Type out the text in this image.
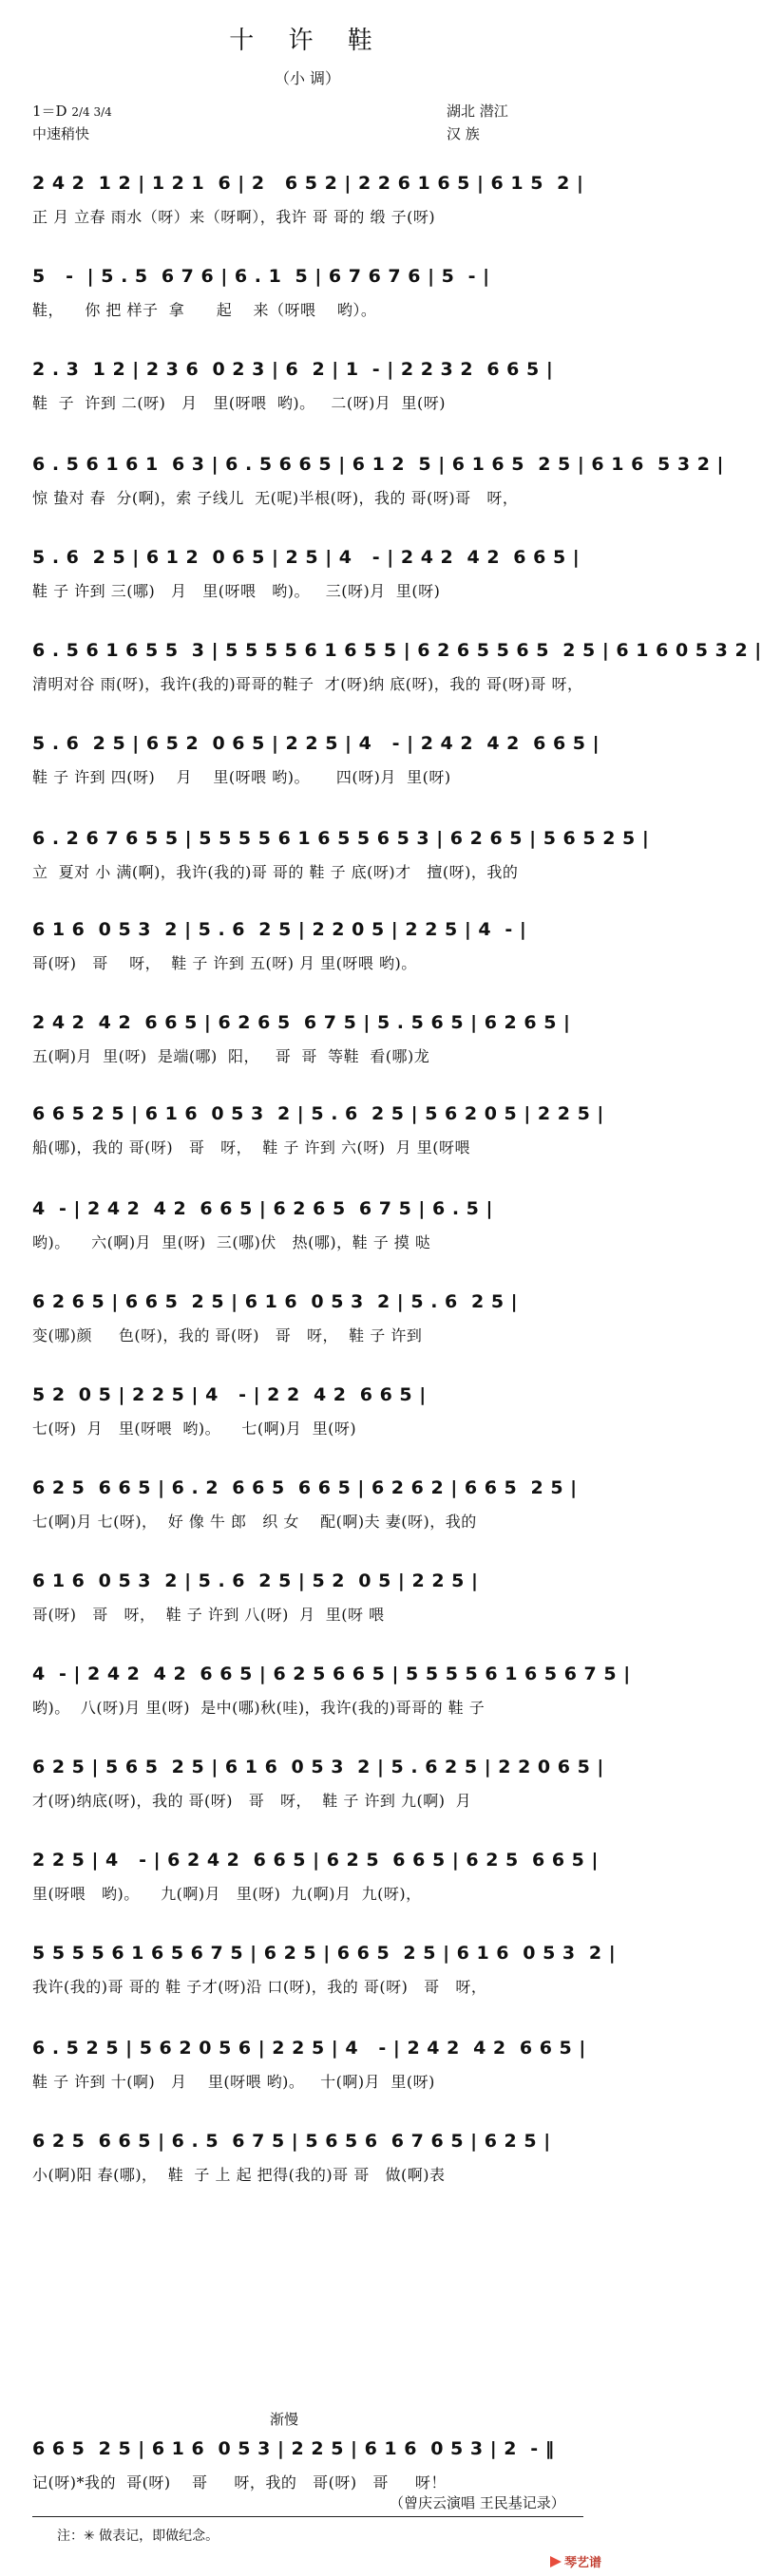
十 许 鞋
（小 调）
1＝D 2/4 3/4
中速稍快
湖北 潜江
汉 族
2 4 2  1 2 | 1 2 1  6 | 2   6 5 2 | 2 2 6 1 6 5 | 6 1 5  2 |
正 月 立春 雨水（呀）来（呀啊），我许 哥 哥的 缎 子(呀)
5   -  | 5 . 5  6 7 6 | 6 . 1  5 | 6 7 6 7 6 | 5  - |
鞋，    你 把 样子  拿      起    来（呀喂    哟）。
2 . 3  1 2 | 2 3 6  0 2 3 | 6  2 | 1  - | 2 2 3 2  6 6 5 |
鞋  子  许到 二(呀)   月   里(呀喂  哟)。   二(呀)月  里(呀)
6 . 5 6 1 6 1  6 3 | 6 . 5 6 6 5 | 6 1 2  5 | 6 1 6 5  2 5 | 6 1 6  5 3 2 |
惊 蛰对 春  分(啊)，索 子线儿  无(呢)半根(呀)，我的 哥(呀)哥   呀，
5 . 6  2 5 | 6 1 2  0 6 5 | 2 5 | 4   - | 2 4 2  4 2  6 6 5 |
鞋 子 许到 三(哪)   月   里(呀喂   哟)。   三(呀)月  里(呀)
6 . 5 6 1 6 5 5  3 | 5 5 5 5 6 1 6 5 5 | 6 2 6 5 5 6 5  2 5 | 6 1 6 0 5 3 2 |
清明对谷 雨(呀)，我许(我的)哥哥的鞋子  才(呀)纳 底(呀)，我的 哥(呀)哥 呀，
5 . 6  2 5 | 6 5 2  0 6 5 | 2 2 5 | 4   - | 2 4 2  4 2  6 6 5 |
鞋 子 许到 四(呀)    月    里(呀喂 哟)。     四(呀)月  里(呀)
6 . 2 6 7 6 5 5 | 5 5 5 5 6 1 6 5 5 6 5 3 | 6 2 6 5 | 5 6 5 2 5 |
立  夏对 小 满(啊)，我许(我的)哥 哥的 鞋 子 底(呀)才   擅(呀)，我的
6 1 6  0 5 3  2 | 5 . 6  2 5 | 2 2 0 5 | 2 2 5 | 4  - |
哥(呀)   哥    呀，  鞋 子 许到 五(呀) 月 里(呀喂 哟)。
2 4 2  4 2  6 6 5 | 6 2 6 5  6 7 5 | 5 . 5 6 5 | 6 2 6 5 |
五(啊)月  里(呀)  是端(哪)  阳，   哥  哥  等鞋  看(哪)龙
6 6 5 2 5 | 6 1 6  0 5 3  2 | 5 . 6  2 5 | 5 6 2 0 5 | 2 2 5 |
船(哪)，我的 哥(呀)   哥   呀，  鞋 子 许到 六(呀)  月 里(呀喂
4  - | 2 4 2  4 2  6 6 5 | 6 2 6 5  6 7 5 | 6 . 5 |
哟)。    六(啊)月  里(呀)  三(哪)伏   热(哪)，鞋 子 摸 哒
6 2 6 5 | 6 6 5  2 5 | 6 1 6  0 5 3  2 | 5 . 6  2 5 |
变(哪)颜     色(呀)，我的 哥(呀)   哥   呀，  鞋 子 许到
5 2  0 5 | 2 2 5 | 4   - | 2 2  4 2  6 6 5 |
七(呀)  月   里(呀喂  哟)。    七(啊)月  里(呀)
6 2 5  6 6 5 | 6 . 2  6 6 5  6 6 5 | 6 2 6 2 | 6 6 5  2 5 |
七(啊)月 七(呀)，  好 像 牛 郎   织 女    配(啊)夫 妻(呀)，我的
6 1 6  0 5 3  2 | 5 . 6  2 5 | 5 2  0 5 | 2 2 5 |
哥(呀)   哥   呀，  鞋 子 许到 八(呀)  月  里(呀 喂
4  - | 2 4 2  4 2  6 6 5 | 6 2 5 6 6 5 | 5 5 5 5 6 1 6 5 6 7 5 |
哟)。  八(呀)月 里(呀)  是中(哪)秋(哇)，我许(我的)哥哥的 鞋 子
6 2 5 | 5 6 5  2 5 | 6 1 6  0 5 3  2 | 5 . 6 2 5 | 2 2 0 6 5 |
才(呀)纳底(呀)，我的 哥(呀)   哥   呀，  鞋 子 许到 九(啊)  月
2 2 5 | 4   - | 6 2 4 2  6 6 5 | 6 2 5  6 6 5 | 6 2 5  6 6 5 |
里(呀喂   哟)。    九(啊)月   里(呀)  九(啊)月  九(呀)，
5 5 5 5 6 1 6 5 6 7 5 | 6 2 5 | 6 6 5  2 5 | 6 1 6  0 5 3  2 |
我许(我的)哥 哥的 鞋 子才(呀)沿 口(呀)，我的 哥(呀)   哥   呀，
6 . 5 2 5 | 5 6 2 0 5 6 | 2 2 5 | 4   - | 2 4 2  4 2  6 6 5 |
鞋 子 许到 十(啊)   月    里(呀喂 哟)。   十(啊)月  里(呀)
6 2 5  6 6 5 | 6 . 5  6 7 5 | 5 6 5 6  6 7 6 5 | 6 2 5 |
小(啊)阳 春(哪)，  鞋  子 上 起 把得(我的)哥 哥   做(啊)表
6 6 5  2 5 | 6 1 6  0 5 3 | 2 2 5 | 6 1 6  0 5 3 | 2  - ‖
记(呀)*我的  哥(呀)    哥     呀，我的   哥(呀)   哥     呀！
渐慢
（曾庆云演唱 王民基记录）
注：✳ 做表记，即做纪念。
琴艺谱
